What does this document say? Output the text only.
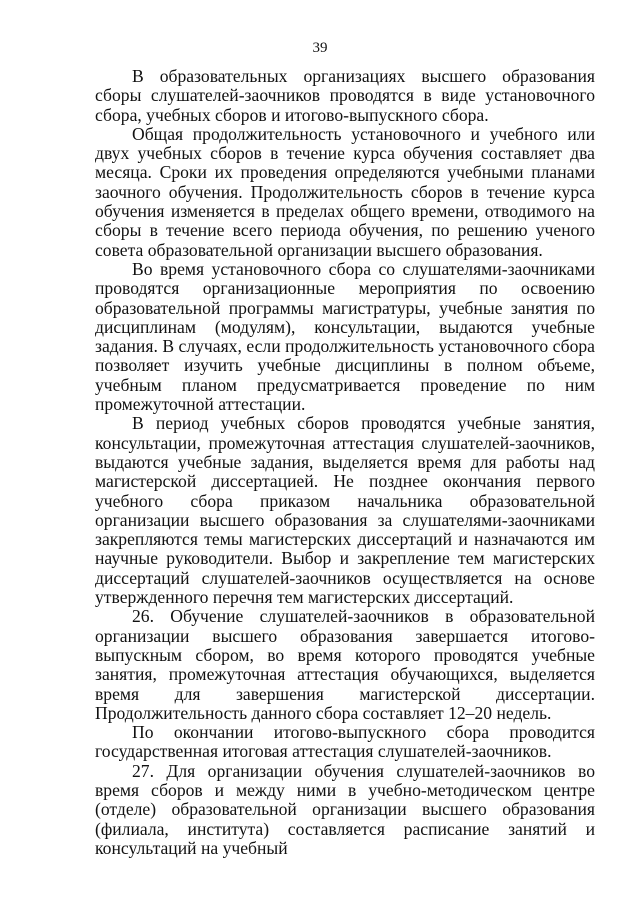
39

В образовательных организациях высшего образования сборы слушателей-заочников проводятся в виде установочного сбора, учебных сборов и итогово-выпускного сбора.

Общая продолжительность установочного и учебного или двух учебных сборов в течение курса обучения составляет два месяца. Сроки их проведения определяются учебными планами заочного обучения. Продолжительность сборов в течение курса обучения изменяется в пределах общего времени, отводимого на сборы в течение всего периода обучения, по решению ученого совета образовательной организации высшего образования.

Во время установочного сбора со слушателями-заочниками проводятся организационные мероприятия по освоению образовательной программы магистратуры, учебные занятия по дисциплинам (модулям), консультации, выдаются учебные задания. В случаях, если продолжительность установочного сбора позволяет изучить учебные дисциплины в полном объеме, учебным планом предусматривается проведение по ним промежуточной аттестации.

В период учебных сборов проводятся учебные занятия, консультации, промежуточная аттестация слушателей-заочников, выдаются учебные задания, выделяется время для работы над магистерской диссертацией. Не позднее окончания первого учебного сбора приказом начальника образовательной организации высшего образования за слушателями-заочниками закрепляются темы магистерских диссертаций и назначаются им научные руководители. Выбор и закрепление тем магистерских диссертаций слушателей-заочников осуществляется на основе утвержденного перечня тем магистерских диссертаций.

26. Обучение слушателей-заочников в образовательной организации высшего образования завершается итогово-выпускным сбором, во время которого проводятся учебные занятия, промежуточная аттестация обучающихся, выделяется время для завершения магистерской диссертации. Продолжительность данного сбора составляет 12–20 недель.

По окончании итогово-выпускного сбора проводится государственная итоговая аттестация слушателей-заочников.

27. Для организации обучения слушателей-заочников во время сборов и между ними в учебно-методическом центре (отделе) образовательной организации высшего образования (филиала, института) составляется расписание занятий и консультаций на учебный
